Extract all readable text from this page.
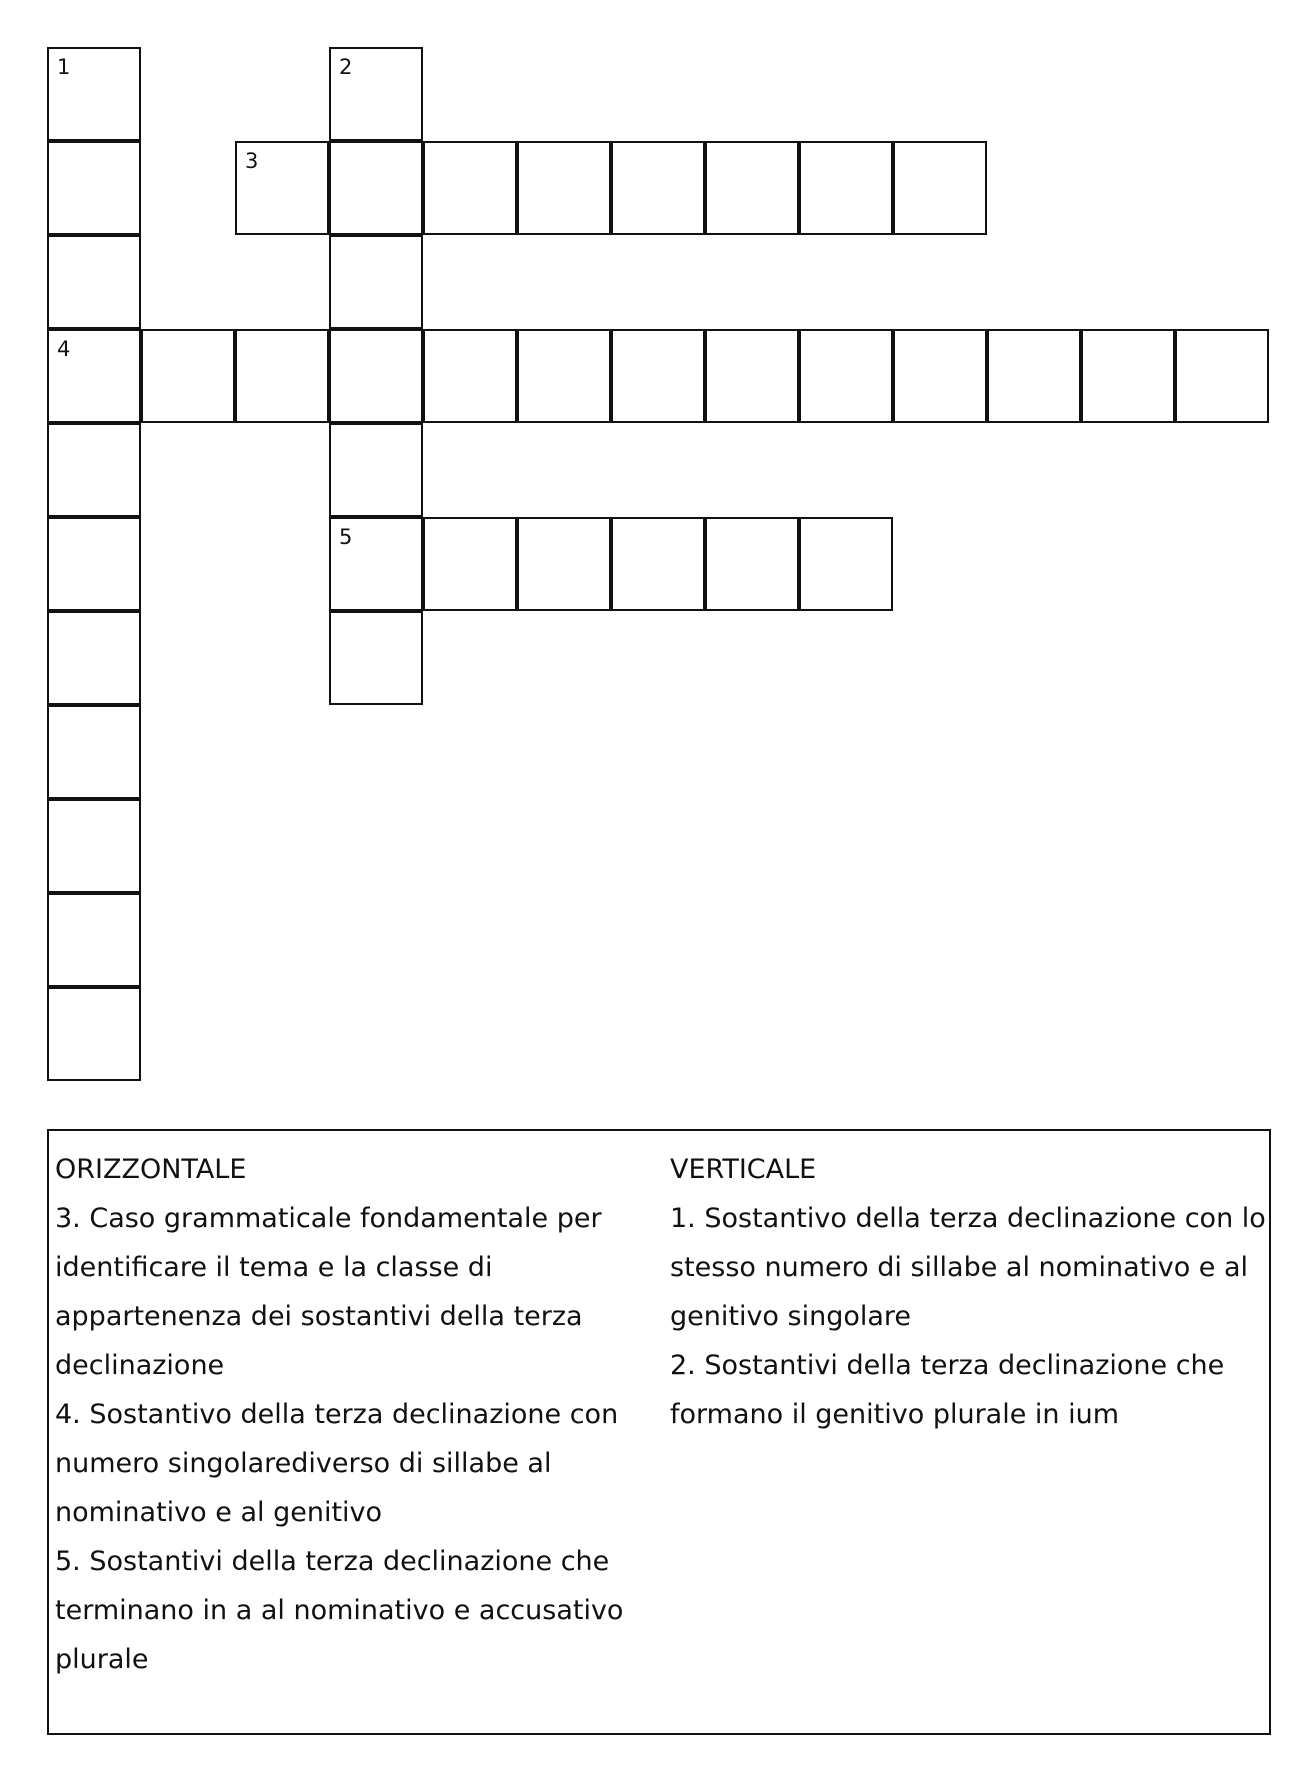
1
4
2
5
3
ORIZZONTALE
3. Caso grammaticale fondamentale per identificare il tema e la classe di appartenenza dei sostantivi della terza declinazione
4. Sostantivo della terza declinazione con numero singolarediverso di sillabe al nominativo e al genitivo
5. Sostantivi della terza declinazione che terminano in a al nominativo e accusativo plurale
VERTICALE
1. Sostantivo della terza declinazione con lo stesso numero di sillabe al nominativo e al genitivo singolare
2. Sostantivi della terza declinazione che formano il genitivo plurale in ium
